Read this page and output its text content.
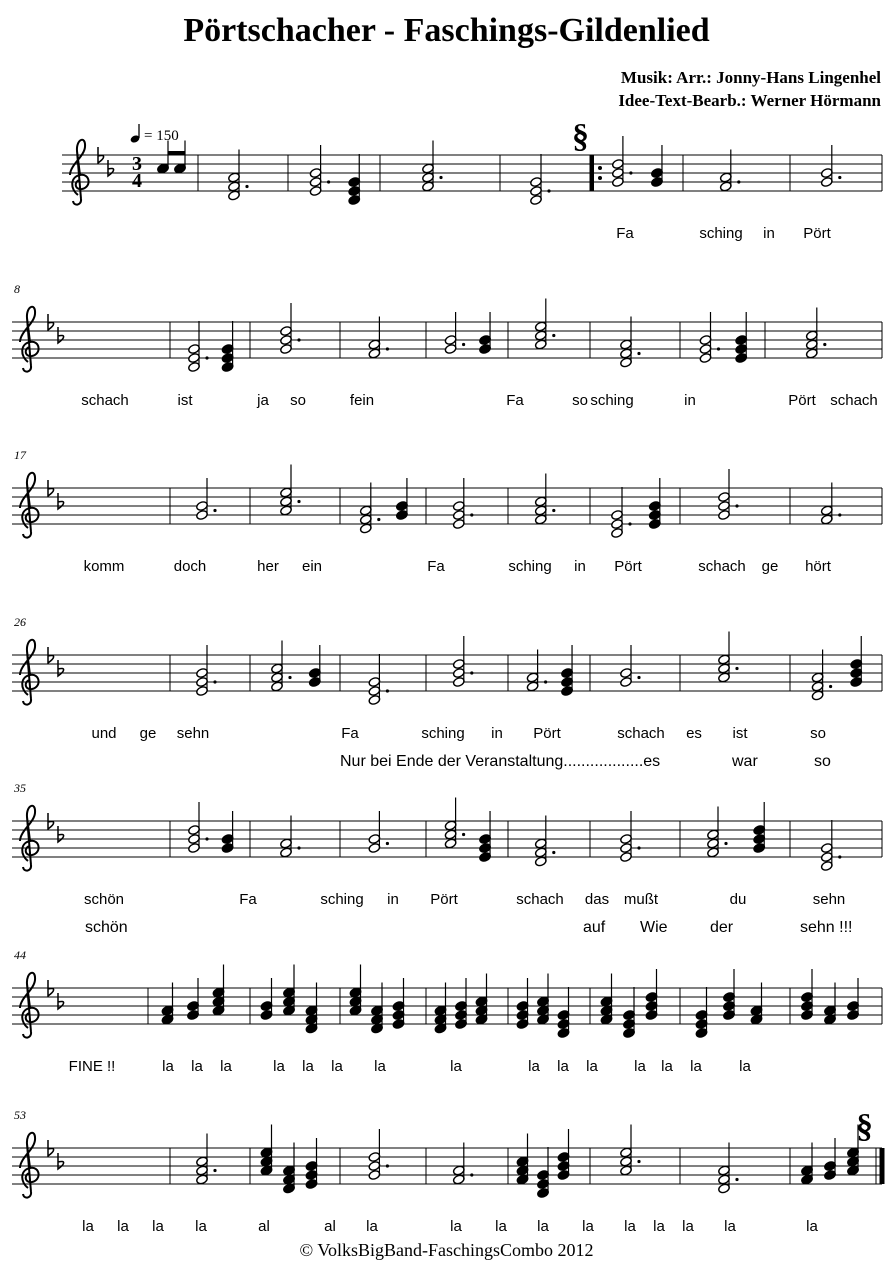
Pörtschacher - Faschings-Gildenlied
Musik: Arr.: Jonny-Hans Lingenhel
Idee-Text-Bearb.: Werner Hörmann
= 150	§
§
3
4
Fa	sching in Pört
8
schach	ist	ja so	fein	Fa	sching	in	Pört schach
so
17
komm	doch	her ein	Fa	sching in Pört	schach ge hört
26
und ge sehn	Fa	sching in Pört	schach es ist	so
Nur bei Ende der Veranstaltung..................es	war	so
35
schön	Fa	sching in Pört	schach das mußt	du	sehn
schön	auf Wie	der	sehn !!!
44
FINE !!	la la la	la la la la	la	la la la la la la la
53
la la la la	al	al la	la la la la la la la la	la
© VolksBigBand-FaschingsCombo 2012
